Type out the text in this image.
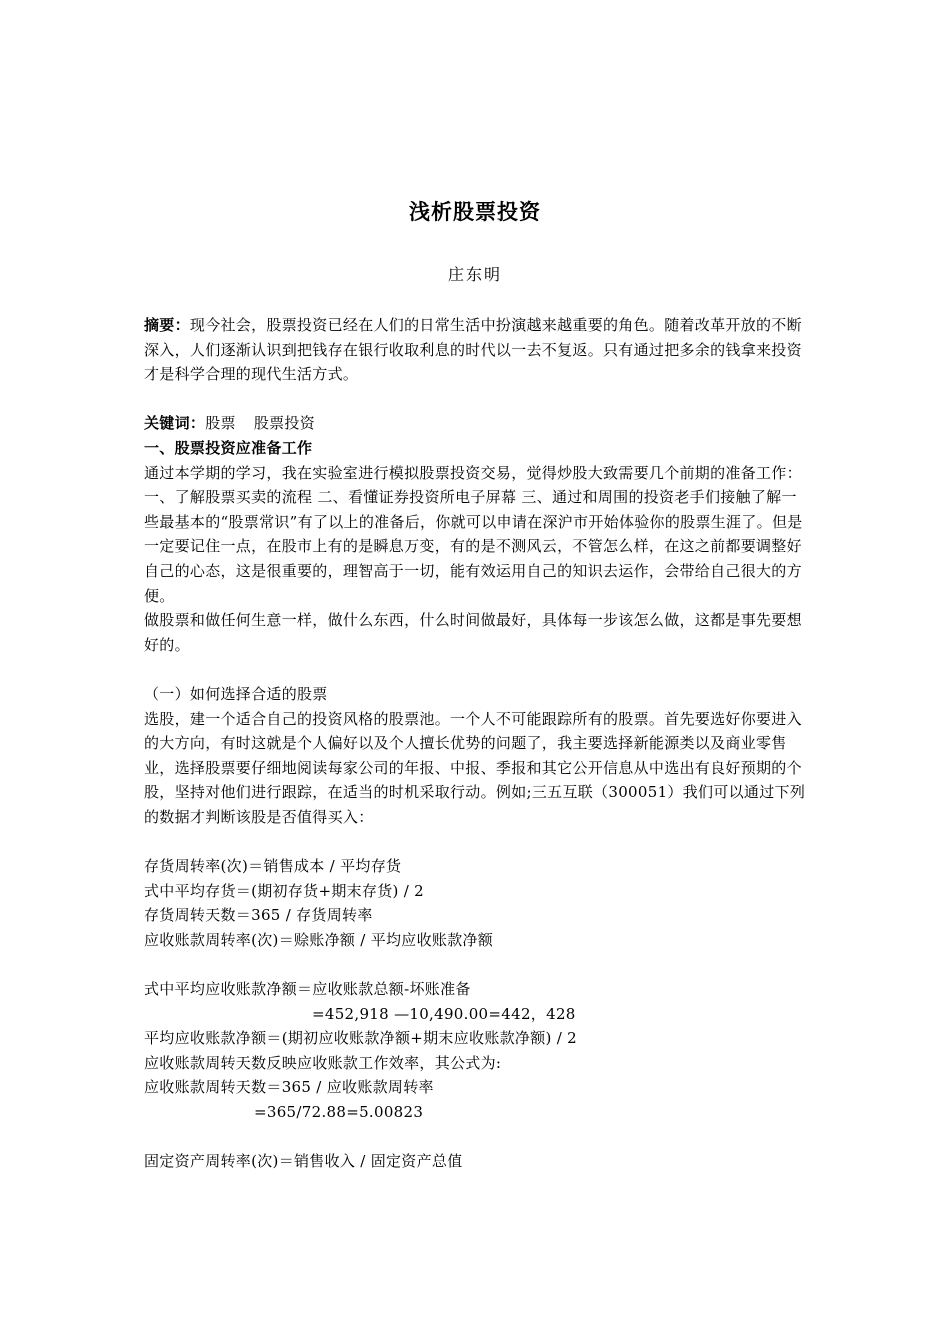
浅析股票投资
庄东明

摘要：现今社会，股票投资已经在人们的日常生活中扮演越来越重要的角色。随着改革开放的不断深入，人们逐渐认识到把钱存在银行收取利息的时代以一去不复返。只有通过把多余的钱拿来投资才是科学合理的现代生活方式。

关键词：股票 股票投资

一、股票投资应准备工作

通过本学期的学习，我在实验室进行模拟股票投资交易，觉得炒股大致需要几个前期的准备工作：

一、了解股票买卖的流程 二、看懂证券投资所电子屏幕 三、通过和周围的投资老手们接触了解一些最基本的“股票常识”有了以上的准备后，你就可以申请在深沪市开始体验你的股票生涯了。但是一定要记住一点，在股市上有的是瞬息万变，有的是不测风云，不管怎么样，在这之前都要调整好自己的心态，这是很重要的，理智高于一切，能有效运用自己的知识去运作，会带给自己很大的方便。

做股票和做任何生意一样，做什么东西，什么时间做最好，具体每一步该怎么做，这都是事先要想好的。

（一）如何选择合适的股票

选股，建一个适合自己的投资风格的股票池。一个人不可能跟踪所有的股票。首先要选好你要进入的大方向，有时这就是个人偏好以及个人擅长优势的问题了，我主要选择新能源类以及商业零售业，选择股票要仔细地阅读每家公司的年报、中报、季报和其它公开信息从中选出有良好预期的个股，坚持对他们进行跟踪，在适当的时机采取行动。例如;三五互联（300051）我们可以通过下列的数据才判断该股是否值得买入：

存货周转率(次)＝销售成本 / 平均存货

式中平均存货＝(期初存货+期末存货) / 2

存货周转天数＝365 / 存货周转率

应收账款周转率(次)＝赊账净额 / 平均应收账款净额

式中平均应收账款净额＝应收账款总额-坏账准备

=452,918 —10,490.00=442，428

平均应收账款净额＝(期初应收账款净额+期末应收账款净额) / 2

应收账款周转天数反映应收账款工作效率，其公式为:

应收账款周转天数＝365 / 应收账款周转率

=365/72.88=5.00823

固定资产周转率(次)＝销售收入 / 固定资产总值
